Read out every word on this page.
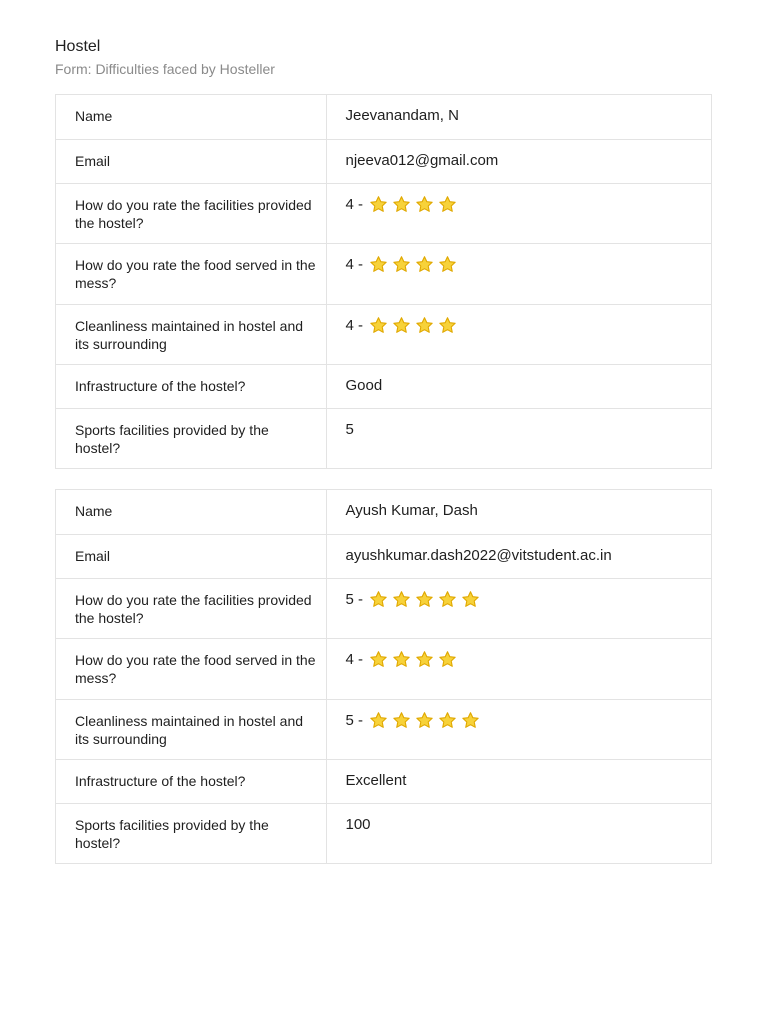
Hostel
Form: Difficulties faced by Hosteller
Name	Jeevanandam, N
Email	njeeva012@gmail.com
How do you rate the facilities provided the hostel?	4 -

How do you rate the food served in the mess?	4 -

Cleanliness maintained in hostel and its surrounding	4 -

Infrastructure of the hostel?	Good
Sports facilities provided by the hostel?	5
Name	Ayush Kumar, Dash
Email	ayushkumar.dash2022@vitstudent.ac.in
How do you rate the facilities provided the hostel?	5 -

How do you rate the food served in the mess?	4 -

Cleanliness maintained in hostel and its surrounding	5 -

Infrastructure of the hostel?	Excellent
Sports facilities provided by the hostel?	100
